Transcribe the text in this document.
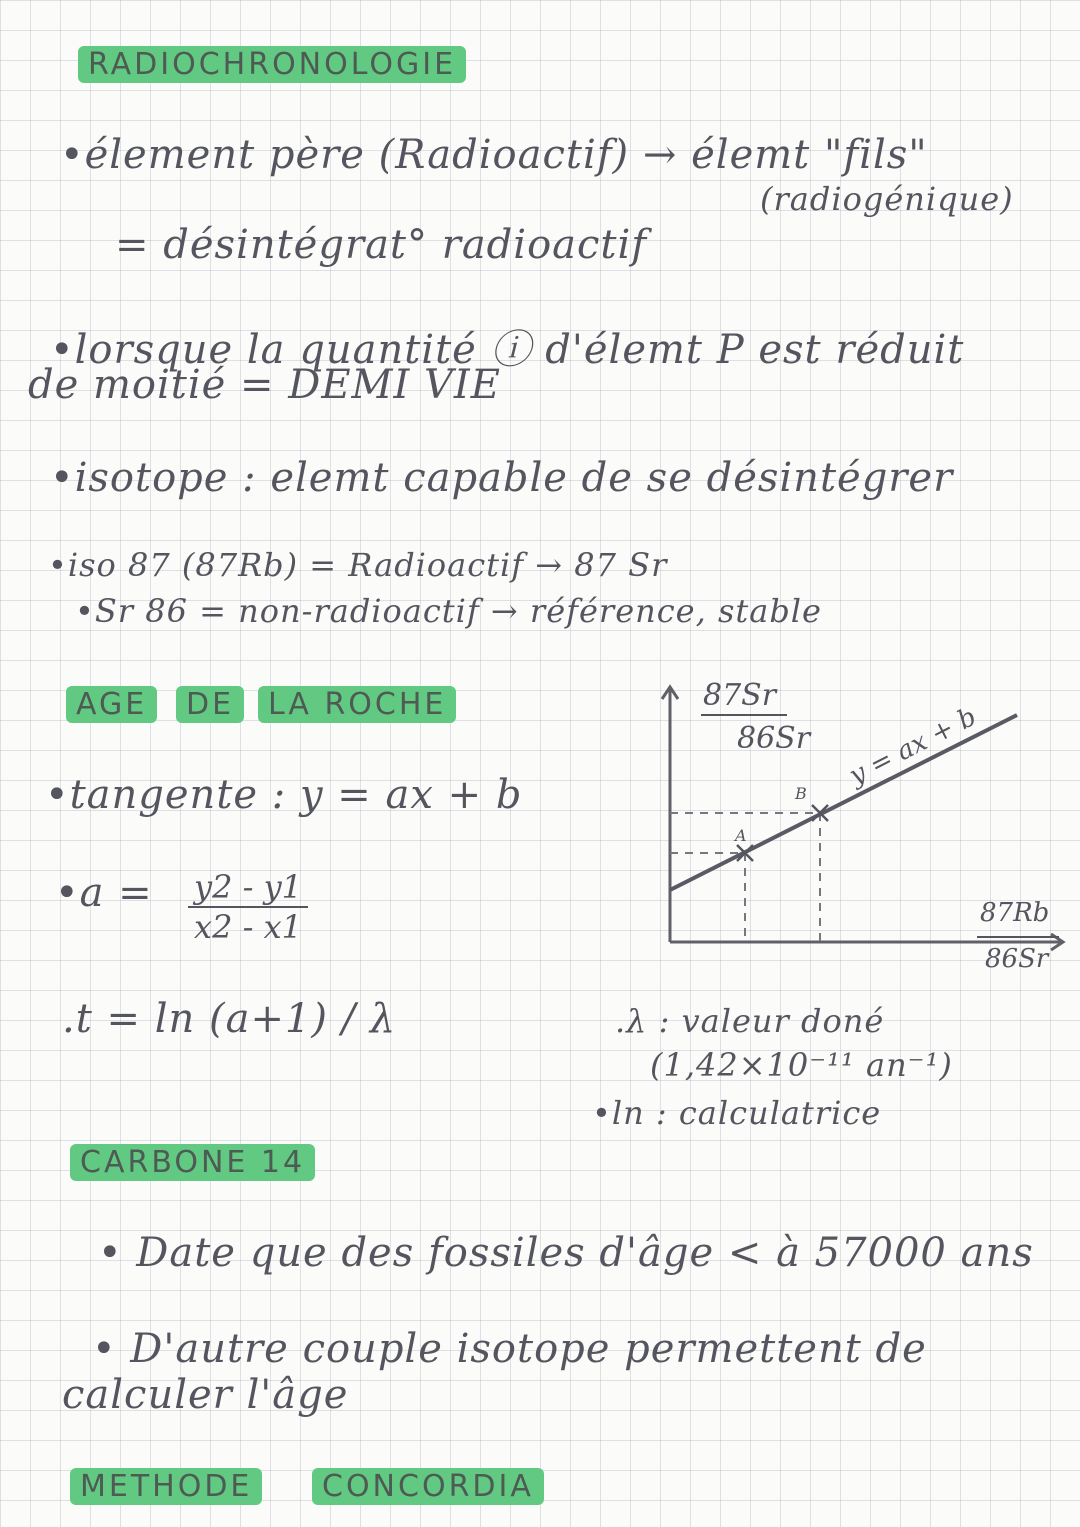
RADIOCHRONOLOGIE
•élement père (Radioactif) → élemt "fils"
(radiogénique)
= désintégrat° radioactif
•lorsque la quantité ⓘ d'élemt P est réduit
de moitié = DEMI VIE
•isotope : elemt capable de se désintégrer
•iso 87 (87Rb) = Radioactif → 87 Sr
•Sr 86 = non-radioactif → référence, stable
AGE	DE	LA ROCHE
•tangente : y = ax + b
•a = $\frac{y2 - y1}{x2 - x1}$
.t = ln (a+1) / λ	.λ : valeur doné
(1,42×10⁻¹¹ an⁻¹)
•ln : calculatrice
A
B
y = ax + b
87Sr
86Sr
87Rb
86Sr
CARBONE 14
• Date que des fossiles d'âge < à 57000 ans
• D'autre couple isotope permettent de
calculer l'âge
METHODE	CONCORDIA
